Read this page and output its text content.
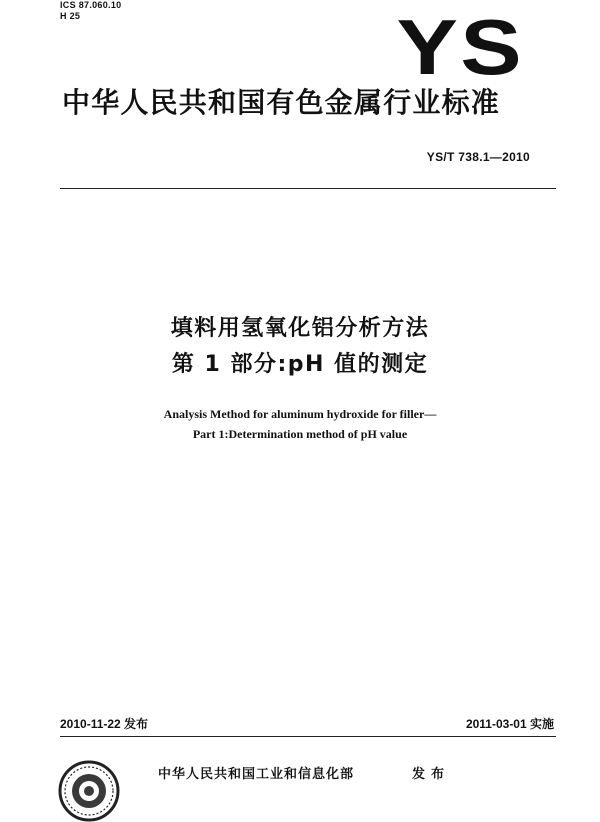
ICS 87.060.10
H 25	YS
中华人民共和国有色金属行业标准
YS/T 738.1—2010
填料用氢氧化铝分析方法
第 1 部分:pH 值的测定
Analysis Method for aluminum hydroxide for filler—
Part 1:Determination method of pH value
2010-11-22 发布	2011-03-01 实施
中华人民共和国工业和信息化部	发布
